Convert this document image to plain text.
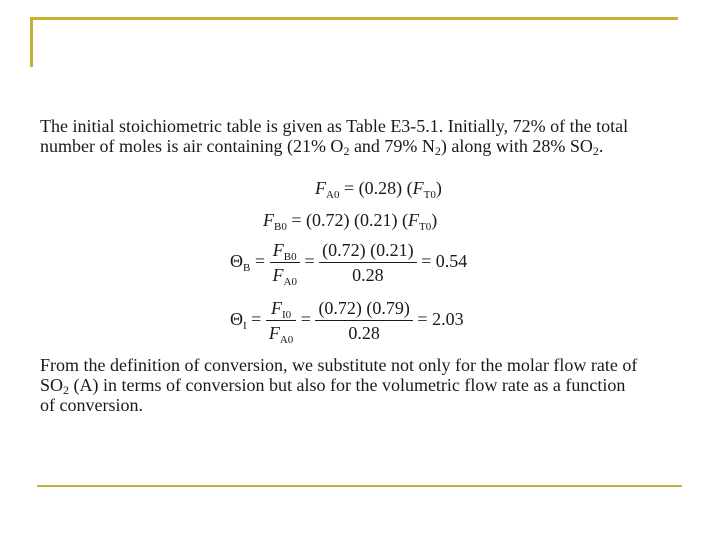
The initial stoichiometric table is given as Table E3-5.1. Initially, 72% of the total

number of moles is air containing (21% $O_2$ and 79% $N_2$) along with 28% $SO_2$.

$F_{A0} = (0.28)$ $(F_{T0})$
$F_{B0} = (0.72)$ (0.21) $(F_{T0})$
$\Theta_B = \frac{F_{B0}}{F_{A0}} = \frac{(0.72) (0.21)}{0.28} = 0.54$
$\Theta_I = \frac{F_{I0}}{F_{A0}} = \frac{(0.72) (0.79)}{0.28} = 2.03$
From the definition of conversion, we substitute not only for the molar flow rate of
$SO_2$ (A) in terms of conversion but also for the volumetric flow rate as a function
of conversion.
